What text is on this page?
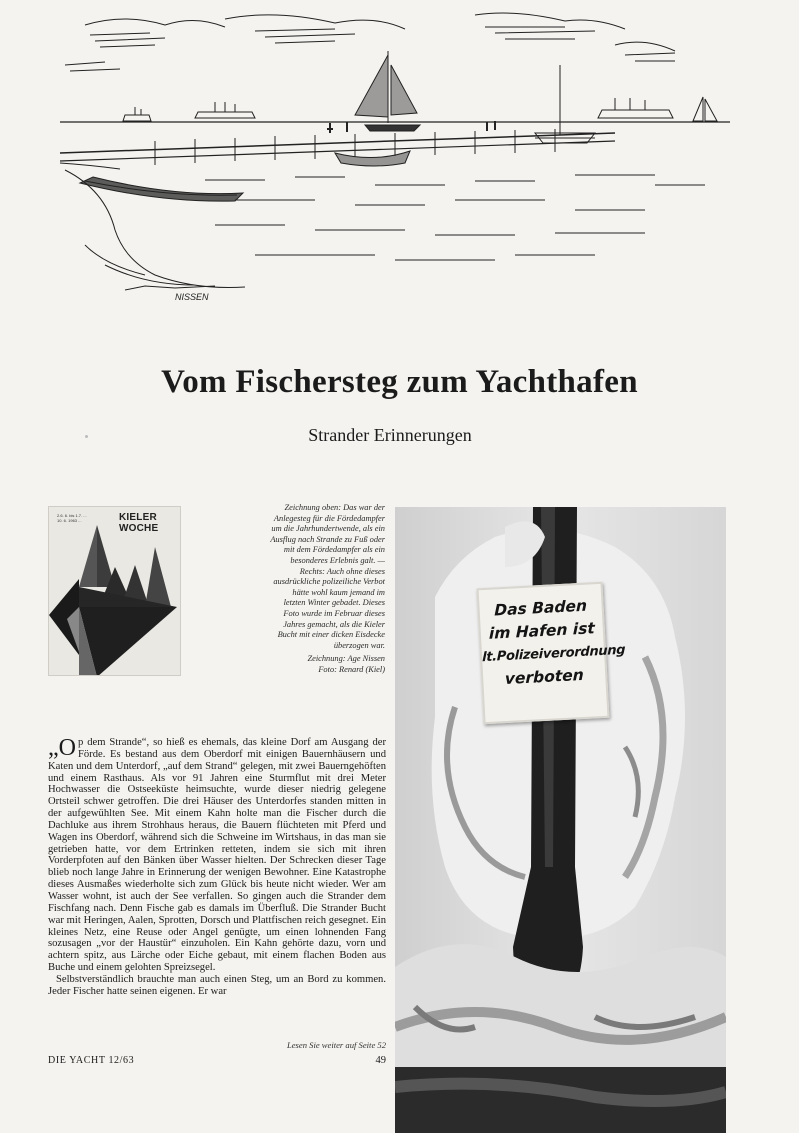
NISSEN
Vom Fischersteg zum Yachthafen
Strander Erinnerungen
2.6. 6. bis 1.7. ... 10. 6. 1963 ...	KIELER WOCHE
Zeichnung oben: Das war der Anlegesteg für die Fördedampfer um die Jahrhundertwende, als ein Ausflug nach Strande zu Fuß oder mit dem Fördedampfer als ein besonderes Erlebnis galt. — Rechts: Auch ohne dieses ausdrückliche polizeiliche Verbot hätte wohl kaum jemand im letzten Winter gebadet. Dieses Foto wurde im Februar dieses Jahres gemacht, als die Kieler Bucht mit einer dicken Eisdecke überzogen war.
Zeichnung: Age Nissen
Foto: Renard (Kiel)

„Op dem Strande“, so hieß es ehemals, das kleine Dorf am Ausgang der Förde. Es bestand aus dem Oberdorf mit einigen Bauernhäusern und Katen und dem Unterdorf, „auf dem Strand“ gelegen, mit zwei Bauerngehöften und einem Rasthaus. Als vor 91 Jahren eine Sturmflut mit drei Meter Hochwasser die Ostseeküste heimsuchte, wurde dieser niedrig gelegene Ortsteil schwer getroffen. Die drei Häuser des Unterdorfes standen mitten in der aufgewühlten See. Mit einem Kahn holte man die Fischer durch die Dachluke aus ihrem Strohhaus heraus, die Bauern flüchteten mit Pferd und Wagen ins Oberdorf, während sich die Schweine im Wirtshaus, in das man sie getrieben hatte, vor dem Ertrinken retteten, indem sie sich mit ihren Vorderpfoten auf den Bänken über Wasser hielten. Der Schrecken dieser Tage blieb noch lange Jahre in Erinnerung der wenigen Bewohner. Eine Katastrophe dieses Ausmaßes wiederholte sich zum Glück bis heute nicht wieder. Wer am Wasser wohnt, ist auch der See verfallen. So gingen auch die Strander dem Fischfang nach. Denn Fische gab es damals im Überfluß. Die Strander Bucht war mit Heringen, Aalen, Sprotten, Dorsch und Plattfischen reich gesegnet. Ein kleines Netz, eine Reuse oder Angel genügte, um einen lohnenden Fang sozusagen „vor der Haustür“ einzuholen. Ein Kahn gehörte dazu, vorn und achtern spitz, aus Lärche oder Eiche gebaut, mit einem flachen Boden aus Buche und einem gelohten Spreizsegel.

Selbstverständlich brauchte man auch einen Steg, um an Bord zu kommen. Jeder Fischer hatte seinen eigenen. Er war

Lesen Sie weiter auf Seite 52
DIE YACHT 12/63	49
Das Baden
im Hafen ist
lt.Polizeiverordnung
verboten
